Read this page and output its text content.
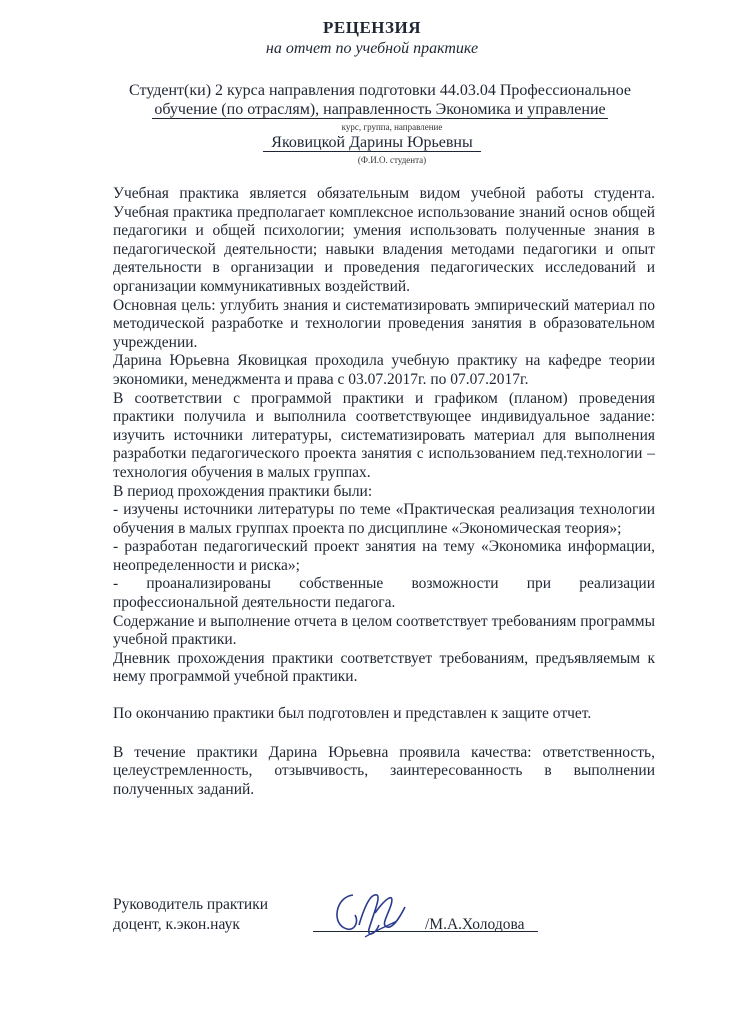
РЕЦЕНЗИЯ
на отчет по учебной практике
Студент(ки) 2 курса направления подготовки 44.03.04 Профессиональное
обучение (по отраслям), направленность Экономика и управление
курс, группа, направление
Яковицкой Дарины Юрьевны
(Ф.И.О. студента)

Учебная практика является обязательным видом учебной работы студента. Учебная практика предполагает комплексное использование знаний основ общей педагогики и общей психологии; умения использовать полученные знания в педагогической деятельности; навыки владения методами педагогики и опыт деятельности в организации и проведения педагогических исследований и организации коммуникативных воздействий.

Основная цель: углубить знания и систематизировать эмпирический материал по методической разработке и технологии проведения занятия в образовательном учреждении.

Дарина Юрьевна Яковицкая проходила учебную практику на кафедре теории экономики, менеджмента и права с 03.07.2017г. по 07.07.2017г.

В соответствии с программой практики и графиком (планом) проведения практики получила и выполнила соответствующее индивидуальное задание: изучить источники литературы, систематизировать материал для выполнения разработки педагогического проекта занятия с использованием пед.технологии – технология обучения в малых группах.

В период прохождения практики были:

- изучены источники литературы по теме «Практическая реализация технологии обучения в малых группах проекта по дисциплине «Экономическая теория»;

- разработан педагогический проект занятия на тему «Экономика информации, неопределенности и риска»;

- проанализированы собственные возможности при реализации профессиональной деятельности педагога.

Содержание и выполнение отчета в целом соответствует требованиям программы учебной практики.

Дневник прохождения практики соответствует требованиям, предъявляемым к нему программой учебной практики.

По окончанию практики был подготовлен и представлен к защите отчет.

В течение практики Дарина Юрьевна проявила качества: ответственность, целеустремленность, отзывчивость, заинтересованность в выполнении полученных заданий.

Руководитель практики
доцент, к.экон.наук	/М.А.Холодова
